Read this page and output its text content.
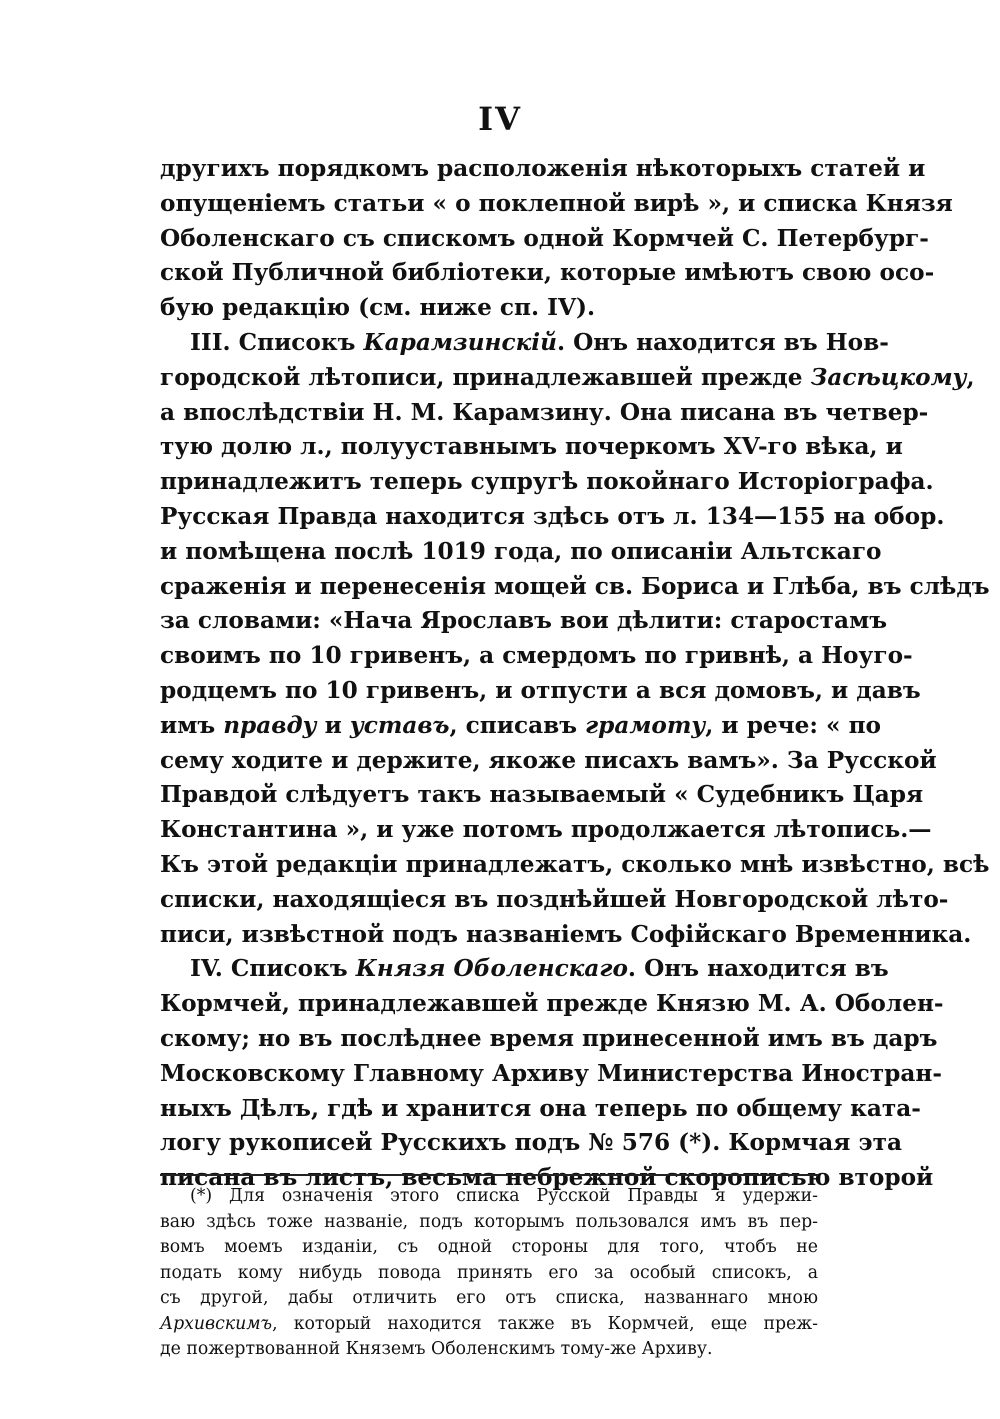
IV
другихъ порядкомъ расположенія нѣкоторыхъ статей и
опущеніемъ статьи « о поклепной вирѣ », и списка Князя
Оболенскаго съ спискомъ одной Кормчей С. Петербург-
ской Публичной библіотеки, которые имѣютъ свою осо-
бую редакцію (см. ниже сп. IV).
III. Списокъ Карамзинскій. Онъ находится въ Нов-
городской лѣтописи, принадлежавшей прежде Засѣцкому,
а впослѣдствіи Н. М. Карамзину. Она писана въ четвер-
тую долю л., полууставнымъ почеркомъ XV-го вѣка, и
принадлежитъ теперь супругѣ покойнаго Исторіографа.
Русская Правда находится здѣсь отъ л. 134—155 на обор.
и помѣщена послѣ 1019 года, по описаніи Альтскаго
сраженія и перенесенія мощей св. Бориса и Глѣба, въ слѣдъ
за словами: «Нача Ярославъ вои дѣлити: старостамъ
своимъ по 10 гривенъ, а смердомъ по гривнѣ, а Ноуго-
родцемъ по 10 гривенъ, и отпусти а вся домовъ, и давъ
имъ правду и уставъ, списавъ грамоту, и рече: « по
сему ходите и держите, якоже писахъ вамъ». За Русской
Правдой слѣдуетъ такъ называемый « Судебникъ Царя
Константина », и уже потомъ продолжается лѣтопись.—
Къ этой редакціи принадлежатъ, сколько мнѣ извѣстно, всѣ
списки, находящіеся въ позднѣйшей Новгородской лѣто-
писи, извѣстной подъ названіемъ Софійскаго Временника.
IV. Списокъ Князя Оболенскаго. Онъ находится въ
Кормчей, принадлежавшей прежде Князю М. А. Оболен-
скому; но въ послѣднее время принесенной имъ въ даръ
Московскому Главному Архиву Министерства Иностран-
ныхъ Дѣлъ, гдѣ и хранится она теперь по общему ката-
логу рукописей Русскихъ подъ № 576 (*). Кормчая эта
писана въ листъ, весьма небрежной скорописью второй
(*) Для означенія этого списка Русской Правды я удержи-
ваю здѣсь тоже названіе, подъ которымъ пользовался имъ въ пер-
вомъ моемъ изданіи, съ одной стороны для того, чтобъ не
подать кому нибудь повода принять его за особый списокъ, а
съ другой, дабы отличить его отъ списка, названнаго мною
Архивскимъ, который находится также въ Кормчей, еще преж-
де пожертвованной Княземъ Оболенскимъ тому-же Архиву.
